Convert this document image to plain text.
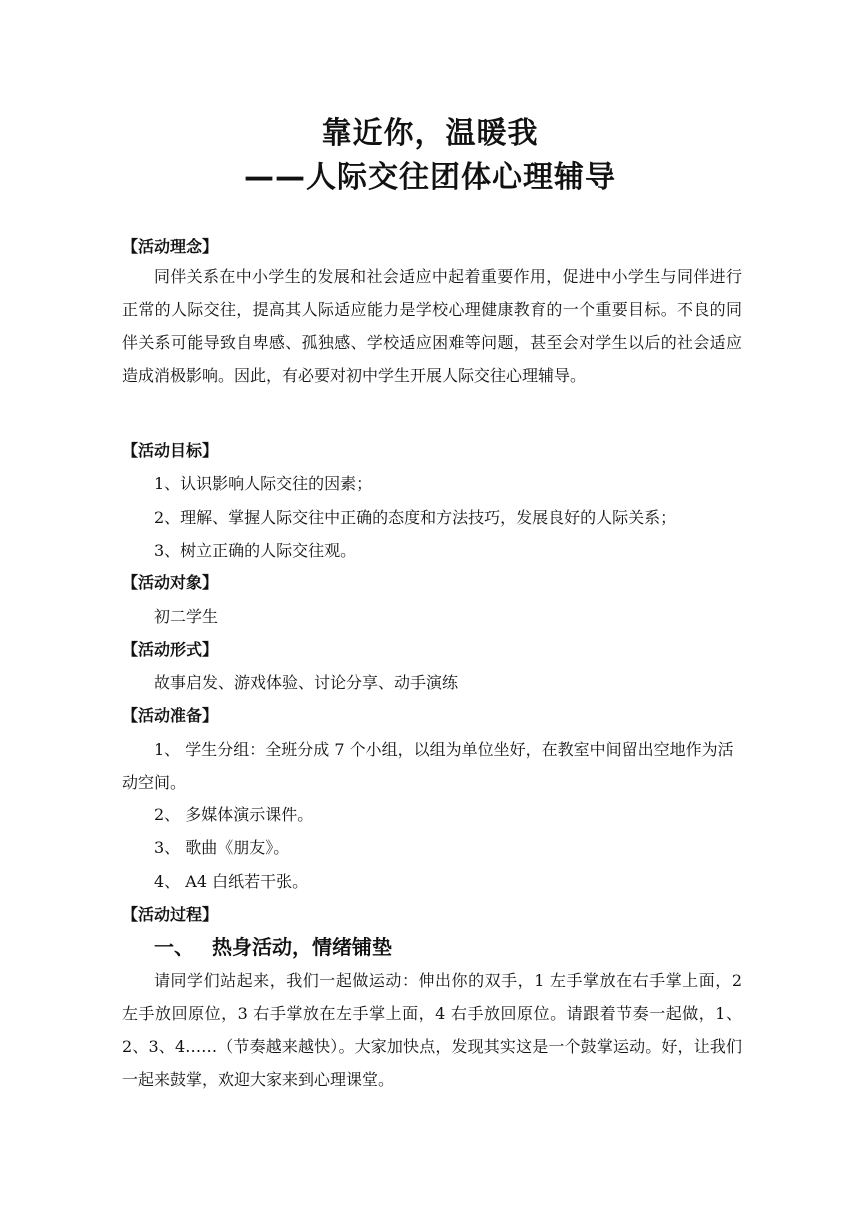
靠近你，温暖我
——人际交往团体心理辅导
【活动理念】
同伴关系在中小学生的发展和社会适应中起着重要作用，促进中小学生与同伴进行正常的人际交往，提高其人际适应能力是学校心理健康教育的一个重要目标。不良的同伴关系可能导致自卑感、孤独感、学校适应困难等问题，甚至会对学生以后的社会适应造成消极影响。因此，有必要对初中学生开展人际交往心理辅导。
【活动目标】
1、认识影响人际交往的因素；
2、理解、掌握人际交往中正确的态度和方法技巧，发展良好的人际关系；
3、树立正确的人际交往观。
【活动对象】
初二学生
【活动形式】
故事启发、游戏体验、讨论分享、动手演练
【活动准备】
1、 学生分组：全班分成 7 个小组，以组为单位坐好，在教室中间留出空地作为活动空间。
2、 多媒体演示课件。
3、 歌曲《朋友》。
4、 A4 白纸若干张。
【活动过程】
一、 热身活动，情绪铺垫
请同学们站起来，我们一起做运动：伸出你的双手，1 左手掌放在右手掌上面，2 左手放回原位，3 右手掌放在左手掌上面，4 右手放回原位。请跟着节奏一起做，1、2、3、4……（节奏越来越快）。大家加快点，发现其实这是一个鼓掌运动。好，让我们一起来鼓掌，欢迎大家来到心理课堂。
